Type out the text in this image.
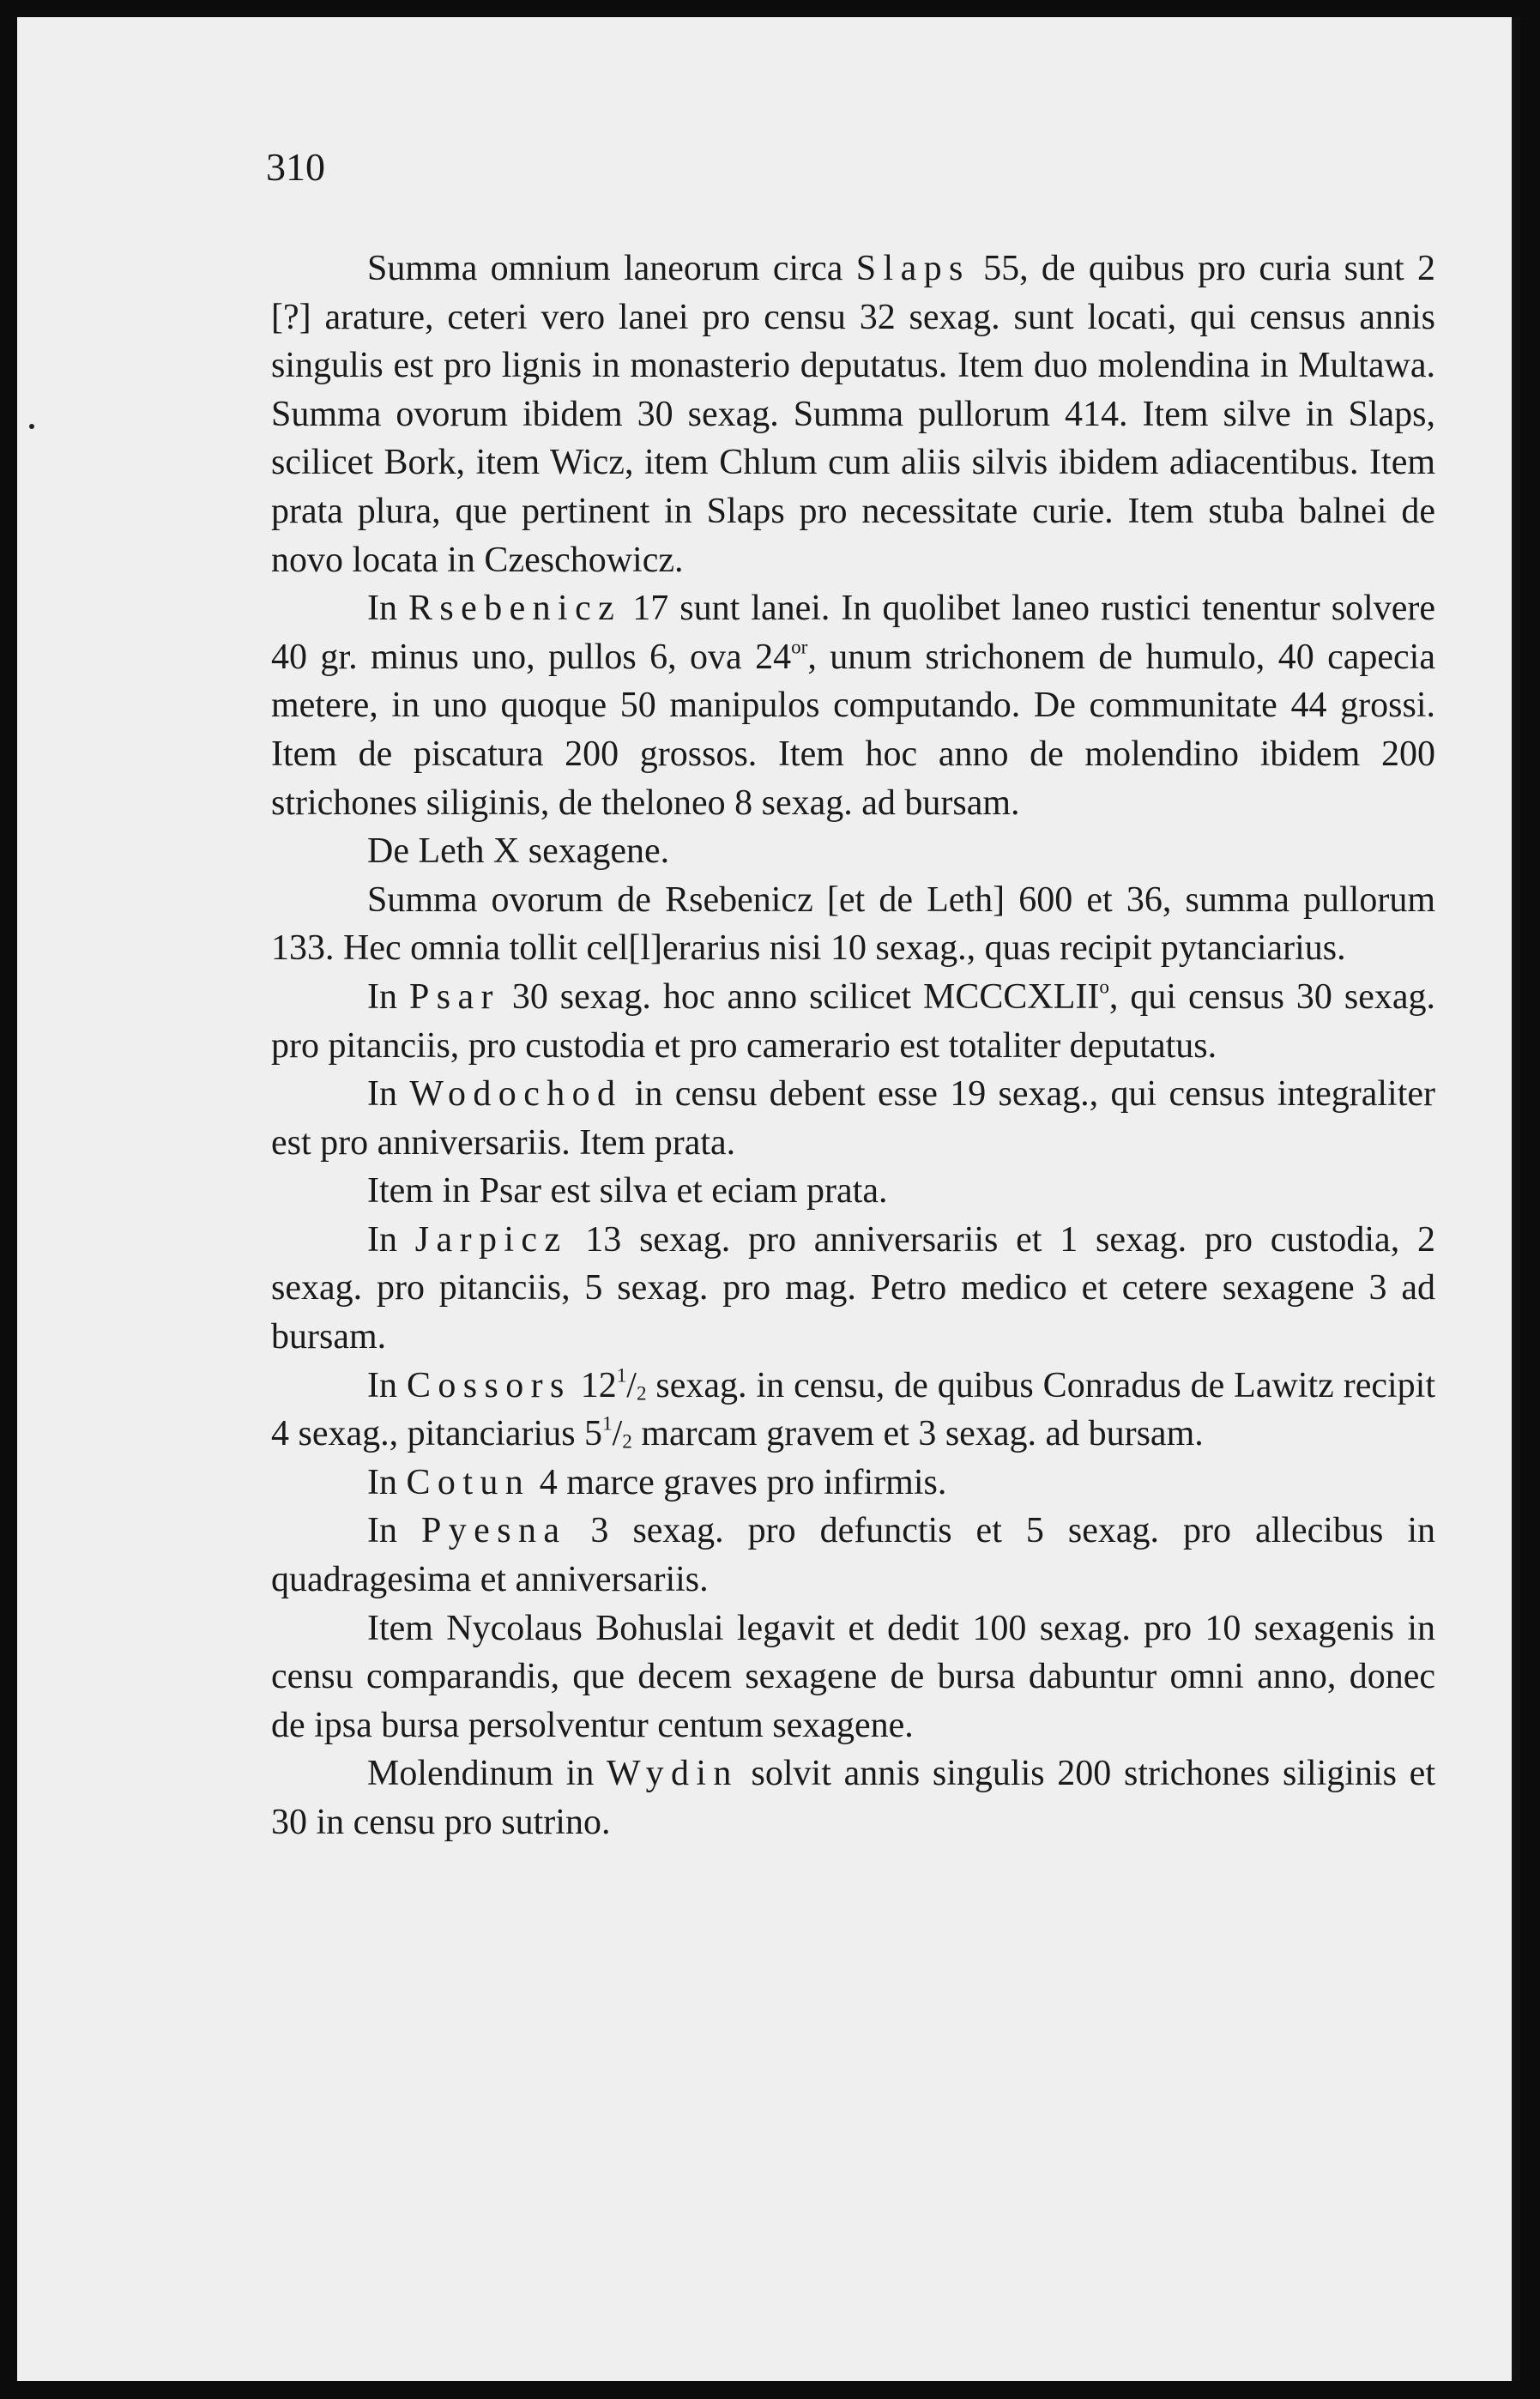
310

Summa omnium laneorum circa Slaps 55, de quibus pro curia sunt 2 [?] arature, ceteri vero lanei pro censu 32 sexag. sunt locati, qui census annis singulis est pro lignis in monasterio deputatus. Item duo molendina in Multawa. Summa ovorum ibidem 30 sexag. Summa pullorum 414. Item silve in Slaps, scilicet Bork, item Wicz, item Chlum cum aliis silvis ibidem adiacentibus. Item prata plura, que pertinent in Slaps pro necessitate curie. Item stuba balnei de novo locata in Czeschowicz.

In Rsebenicz 17 sunt lanei. In quolibet laneo rustici tenentur solvere 40 gr. minus uno, pullos 6, ova $24^{or}$, unum strichonem de humulo, 40 capecia metere, in uno quoque 50 manipulos computando. De communitate 44 grossi. Item de piscatura 200 grossos. Item hoc anno de molendino ibidem 200 strichones siliginis, de theloneo 8 sexag. ad bursam.

De Leth X sexagene.

Summa ovorum de Rsebenicz [et de Leth] 600 et 36, summa pullorum 133. Hec omnia tollit cel[l]erarius nisi 10 sexag., quas recipit pytanciarius.

In Psar 30 sexag. hoc anno scilicet MCCCXLII$^o$, qui census 30 sexag. pro pitanciis, pro custodia et pro camerario est totaliter deputatus.

In Wodochod in censu debent esse 19 sexag., qui census integraliter est pro anniversariis. Item prata.

Item in Psar est silva et eciam prata.

In Jarpicz 13 sexag. pro anniversariis et 1 sexag. pro custodia, 2 sexag. pro pitanciis, 5 sexag. pro mag. Petro medico et cetere sexagene 3 ad bursam.

In Cossors $12^1/_2$ sexag. in censu, de quibus Conradus de Lawitz recipit 4 sexag., pitanciarius $5^1/_2$ marcam gravem et 3 sexag. ad bursam.

In Cotun 4 marce graves pro infirmis.

In Pyesna 3 sexag. pro defunctis et 5 sexag. pro allecibus in quadragesima et anniversariis.

Item Nycolaus Bohuslai legavit et dedit 100 sexag. pro 10 sexagenis in censu comparandis, que decem sexagene de bursa dabuntur omni anno, donec de ipsa bursa persolventur centum sexagene.

Molendinum in Wydin solvit annis singulis 200 strichones siliginis et 30 in censu pro sutrino.
